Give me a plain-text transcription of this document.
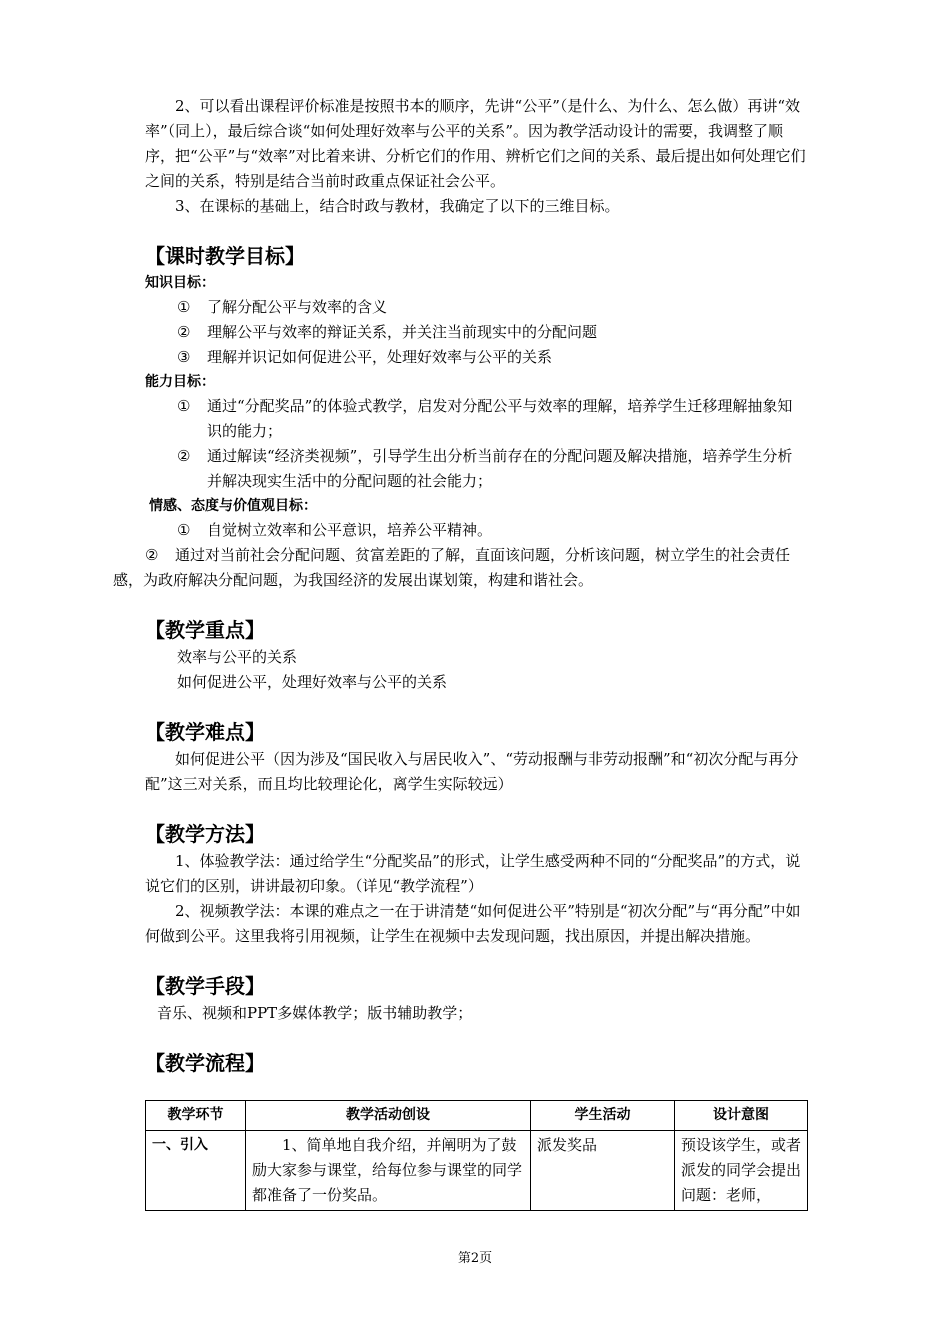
2、可以看出课程评价标准是按照书本的顺序，先讲“公平”（是什么、为什么、怎么做）再讲“效率”（同上），最后综合谈“如何处理好效率与公平的关系”。因为教学活动设计的需要，我调整了顺序，把“公平”与“效率”对比着来讲、分析它们的作用、辨析它们之间的关系、最后提出如何处理它们之间的关系，特别是结合当前时政重点保证社会公平。

3、在课标的基础上，结合时政与教材，我确定了以下的三维目标。

【课时教学目标】

知识目标：

①	了解分配公平与效率的含义
②	理解公平与效率的辩证关系，并关注当前现实中的分配问题
③	理解并识记如何促进公平，处理好效率与公平的关系

能力目标：

①	通过“分配奖品”的体验式教学，启发对分配公平与效率的理解，培养学生迁移理解抽象知识的能力；
②	通过解读“经济类视频”，引导学生出分析当前存在的分配问题及解决措施，培养学生分析并解决现实生活中的分配问题的社会能力；

情感、态度与价值观目标：

① 自觉树立效率和公平意识，培养公平精神。
② 通过对当前社会分配问题、贫富差距的了解，直面该问题，分析该问题，树立学生的社会责任感，为政府解决分配问题，为我国经济的发展出谋划策，构建和谐社会。

【教学重点】

效率与公平的关系

如何促进公平，处理好效率与公平的关系

【教学难点】

如何促进公平（因为涉及“国民收入与居民收入”、“劳动报酬与非劳动报酬”和“初次分配与再分配”这三对关系，而且均比较理论化，离学生实际较远）

【教学方法】

1、体验教学法：通过给学生“分配奖品”的形式，让学生感受两种不同的“分配奖品”的方式，说说它们的区别，讲讲最初印象。（详见“教学流程”）

2、视频教学法：本课的难点之一在于讲清楚“如何促进公平”特别是“初次分配”与“再分配”中如何做到公平。这里我将引用视频，让学生在视频中去发现问题，找出原因，并提出解决措施。

【教学手段】

音乐、视频和PPT多媒体教学；版书辅助教学；

【教学流程】

教学环节	教学活动创设	学生活动	设计意图
一、引入	1、简单地自我介绍，并阐明为了鼓励大家参与课堂，给每位参与课堂的同学都准备了一份奖品。	派发奖品	预设该学生，或者派发的同学会提出问题：老师，
第2页
